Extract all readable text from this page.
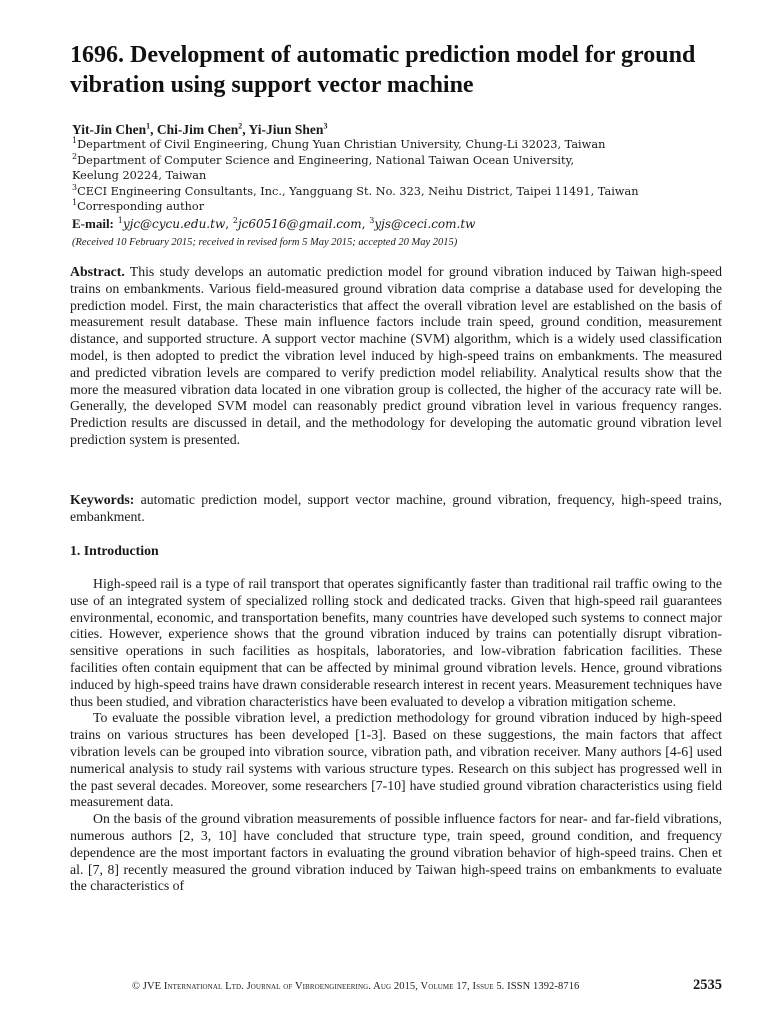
1696. Development of automatic prediction model for ground vibration using support vector machine
Yit-Jin Chen$^1$, Chi-Jim Chen$^2$, Yi-Jiun Shen$^3$
$^1$Department of Civil Engineering, Chung Yuan Christian University, Chung-Li 32023, Taiwan
$^2$Department of Computer Science and Engineering, National Taiwan Ocean University,
Keelung 20224, Taiwan
$^3$CECI Engineering Consultants, Inc., Yangguang St. No. 323, Neihu District, Taipei 11491, Taiwan
$^1$Corresponding author
E-mail: $^1$yjc@cycu.edu.tw, $^2$jc60516@gmail.com, $^3$yjs@ceci.com.tw
(Received 10 February 2015; received in revised form 5 May 2015; accepted 20 May 2015)
Abstract. This study develops an automatic prediction model for ground vibration induced by Taiwan high-speed trains on embankments. Various field-measured ground vibration data comprise a database used for developing the prediction model. First, the main characteristics that affect the overall vibration level are established on the basis of measurement result database. These main influence factors include train speed, ground condition, measurement distance, and supported structure. A support vector machine (SVM) algorithm, which is a widely used classification model, is then adopted to predict the vibration level induced by high-speed trains on embankments. The measured and predicted vibration levels are compared to verify prediction model reliability. Analytical results show that the more the measured vibration data located in one vibration group is collected, the higher of the accuracy rate will be. Generally, the developed SVM model can reasonably predict ground vibration level in various frequency ranges. Prediction results are discussed in detail, and the methodology for developing the automatic ground vibration level prediction system is presented.
Keywords: automatic prediction model, support vector machine, ground vibration, frequency, high-speed trains, embankment.
1. Introduction

High-speed rail is a type of rail transport that operates significantly faster than traditional rail traffic owing to the use of an integrated system of specialized rolling stock and dedicated tracks. Given that high-speed rail guarantees environmental, economic, and transportation benefits, many countries have developed such systems to connect major cities. However, experience shows that the ground vibration induced by trains can potentially disrupt vibration-sensitive operations in such facilities as hospitals, laboratories, and low-vibration fabrication facilities. These facilities often contain equipment that can be affected by minimal ground vibration levels. Hence, ground vibrations induced by high-speed trains have drawn considerable research interest in recent years. Measurement techniques have thus been studied, and vibration characteristics have been evaluated to develop a vibration mitigation scheme.

To evaluate the possible vibration level, a prediction methodology for ground vibration induced by high-speed trains on various structures has been developed [1-3]. Based on these suggestions, the main factors that affect vibration levels can be grouped into vibration source, vibration path, and vibration receiver. Many authors [4-6] used numerical analysis to study rail systems with various structure types. Research on this subject has progressed well in the past several decades. Moreover, some researchers [7-10] have studied ground vibration characteristics using field measurement data.

On the basis of the ground vibration measurements of possible influence factors for near- and far-field vibrations, numerous authors [2, 3, 10] have concluded that structure type, train speed, ground condition, and frequency dependence are the most important factors in evaluating the ground vibration behavior of high-speed trains. Chen et al. [7, 8] recently measured the ground vibration induced by Taiwan high-speed trains on embankments to evaluate the characteristics of

© JVE International Ltd. Journal of Vibroengineering. Aug 2015, Volume 17, Issue 5. ISSN 1392-8716	2535
